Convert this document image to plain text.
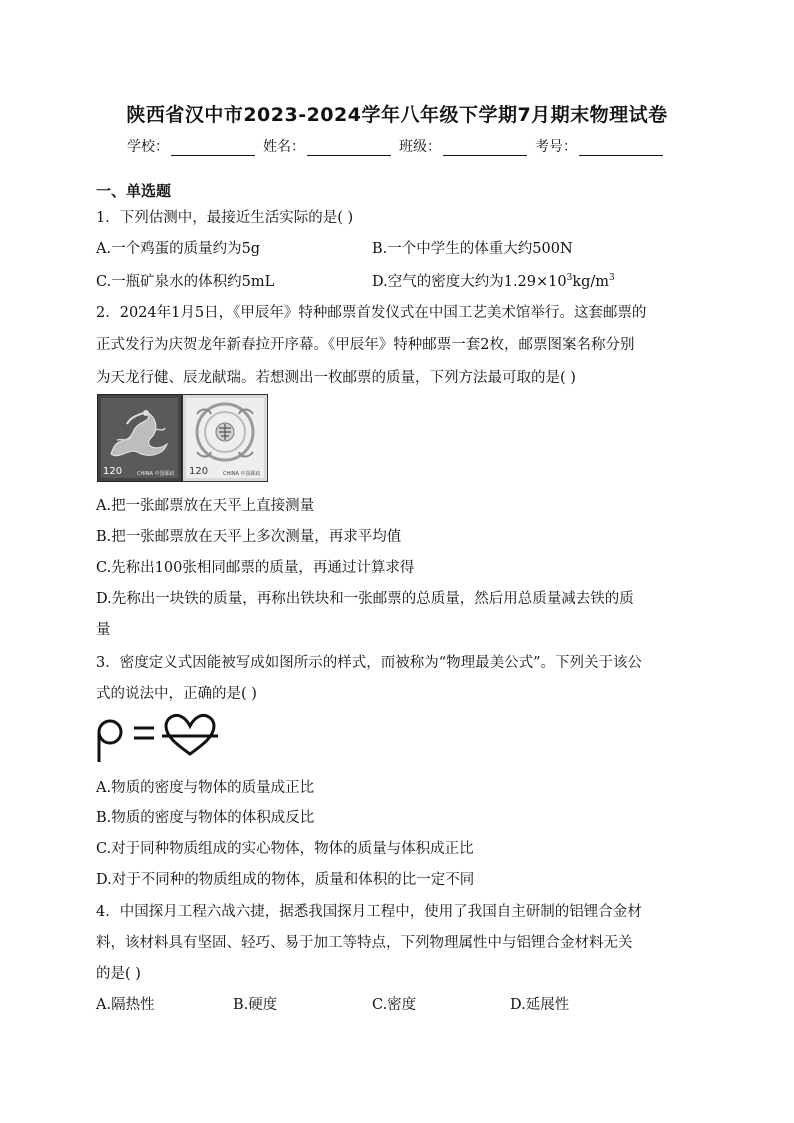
陕西省汉中市2023-2024学年八年级下学期7月期末物理试卷
学校：	姓名：	班级：	考号：
一、单选题
1．下列估测中，最接近生活实际的是( )
A.一个鸡蛋的质量约为5g	B.一个中学生的体重大约500N
C.一瓶矿泉水的体积约5mL	D.空气的密度大约为$1.29\times 10^3kg/m^3$
2．2024年1月5日，《甲辰年》特种邮票首发仪式在中国工艺美术馆举行。这套邮票的
正式发行为庆贺龙年新春拉开序幕。《甲辰年》特种邮票一套2枚，邮票图案名称分别
为天龙行健、辰龙献瑞。若想测出一枚邮票的质量，下列方法最可取的是( )
120	CHINA 中国邮政 120	CHINA 中国邮政
A.把一张邮票放在天平上直接测量
B.把一张邮票放在天平上多次测量，再求平均值
C.先称出100张相同邮票的质量，再通过计算求得
D.先称出一块铁的质量，再称出铁块和一张邮票的总质量，然后用总质量减去铁的质
量
3．密度定义式因能被写成如图所示的样式，而被称为“物理最美公式”。下列关于该公
式的说法中，正确的是( )
A.物质的密度与物体的质量成正比
B.物质的密度与物体的体积成反比
C.对于同种物质组成的实心物体，物体的质量与体积成正比
D.对于不同种的物质组成的物体，质量和体积的比一定不同
4．中国探月工程六战六捷，据悉我国探月工程中，使用了我国自主研制的铝锂合金材
料，该材料具有坚固、轻巧、易于加工等特点，下列物理属性中与铝锂合金材料无关
的是( )
A.隔热性	B.硬度	C.密度	D.延展性
